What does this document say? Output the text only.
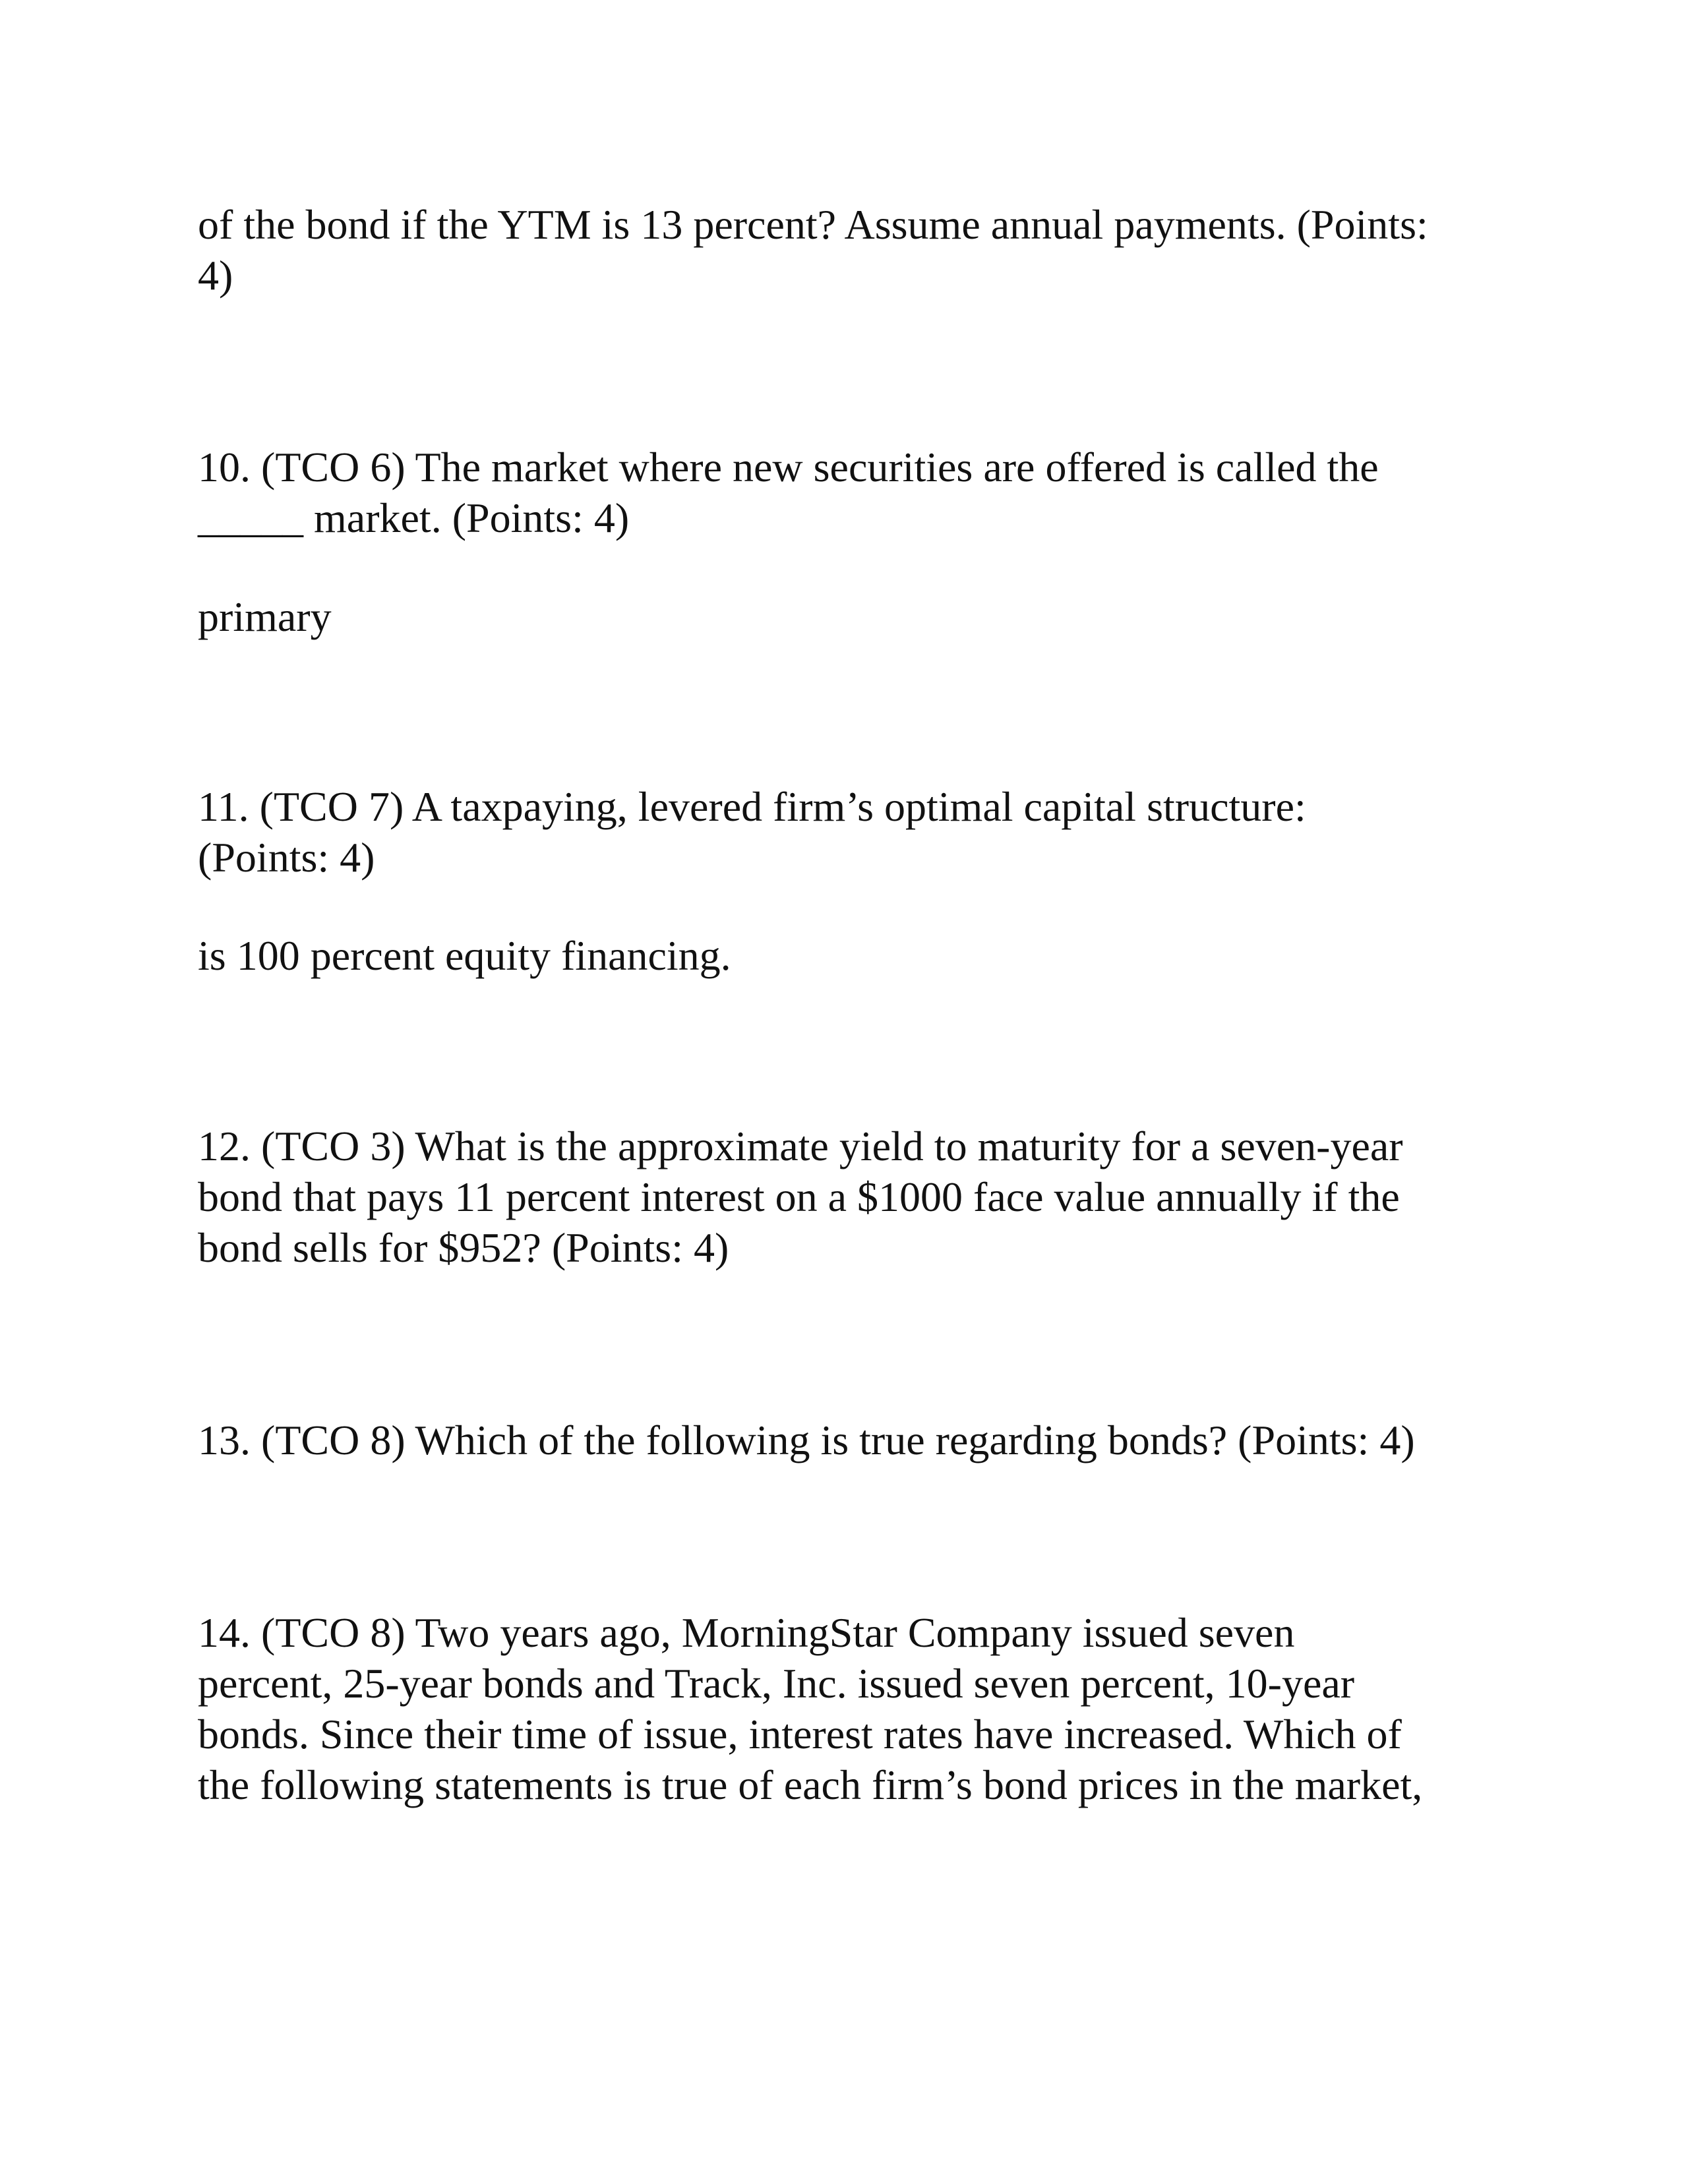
of the bond if the YTM is 13 percent? Assume annual payments. (Points:

4)

10. (TCO 6) The market where new securities are offered is called the

_____ market. (Points: 4)

primary

11. (TCO 7) A taxpaying, levered firm’s optimal capital structure:

(Points: 4)

is 100 percent equity financing.

12. (TCO 3) What is the approximate yield to maturity for a seven-year

bond that pays 11 percent interest on a $1000 face value annually if the

bond sells for $952? (Points: 4)

13. (TCO 8) Which of the following is true regarding bonds? (Points: 4)

14. (TCO 8) Two years ago, MorningStar Company issued seven

percent, 25-year bonds and Track, Inc. issued seven percent, 10-year

bonds. Since their time of issue, interest rates have increased. Which of

the following statements is true of each firm’s bond prices in the market,
